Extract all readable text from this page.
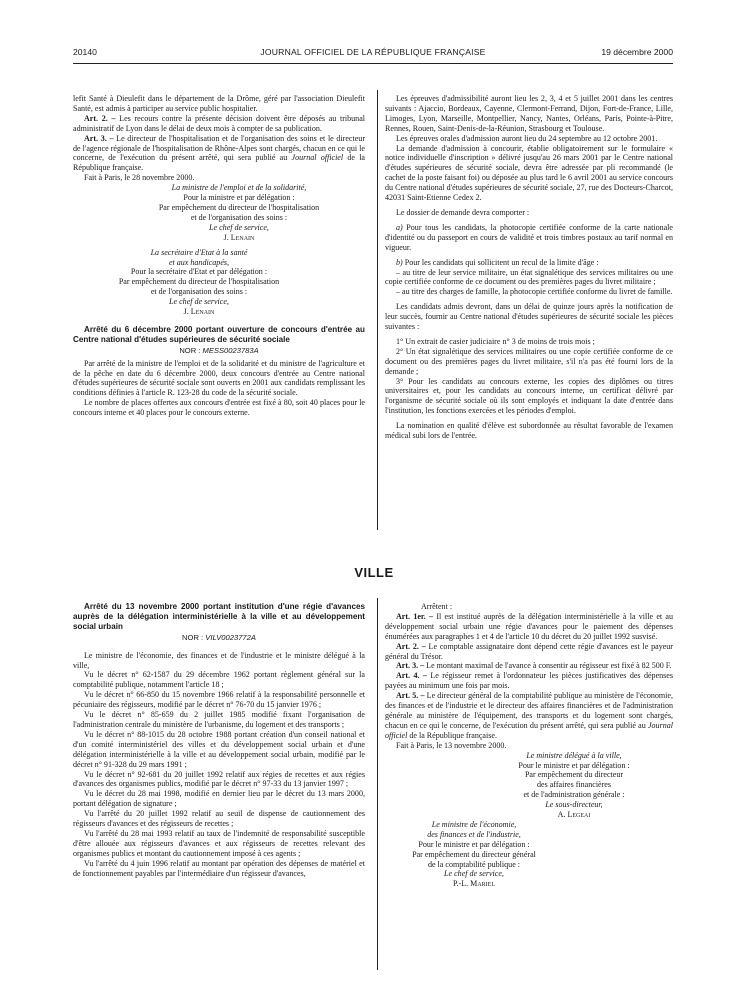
20140	JOURNAL OFFICIEL DE LA RÉPUBLIQUE FRANÇAISE	19 décembre 2000

lefit Santé à Dieulefit dans le département de la Drôme, géré par l'association Dieulefit Santé, est admis à participer au service public hospitalier.

Art. 2. – Les recours contre la présente décision doivent être déposés au tribunal administratif de Lyon dans le délai de deux mois à compter de sa publication.

Art. 3. – Le directeur de l'hospitalisation et de l'organisation des soins et le directeur de l'agence régionale de l'hospitalisation de Rhône-Alpes sont chargés, chacun en ce qui le concerne, de l'exécution du présent arrêté, qui sera publié au Journal officiel de la République française.

Fait à Paris, le 28 novembre 2000.

La ministre de l'emploi et de la solidarité,
Pour la ministre et par délégation :
Par empêchement du directeur de l'hospitalisation
et de l'organisation des soins :
Le chef de service,
J. Lenain
La secrétaire d'Etat à la santé
et aux handicapés,
Pour la secrétaire d'Etat et par délégation :
Par empêchement du directeur de l'hospitalisation
et de l'organisation des soins :
Le chef de service,
J. Lenain

Arrêté du 6 décembre 2000 portant ouverture de concours d'entrée au Centre national d'études supérieures de sécurité sociale

NOR : MESS0023783A

Par arrêté de la ministre de l'emploi et de la solidarité et du ministre de l'agriculture et de la pêche en date du 6 décembre 2000, deux concours d'entrée au Centre national d'études supérieures de sécurité sociale sont ouverts en 2001 aux candidats remplissant les conditions définies à l'article R. 123-28 du code de la sécurité sociale.

Le nombre de places offertes aux concours d'entrée est fixé à 80, soit 40 places pour le concours interne et 40 places pour le concours externe.

Les épreuves d'admissibilité auront lieu les 2, 3, 4 et 5 juillet 2001 dans les centres suivants : Ajaccio, Bordeaux, Cayenne, Clermont-Ferrand, Dijon, Fort-de-France, Lille, Limoges, Lyon, Marseille, Montpellier, Nancy, Nantes, Orléans, Paris, Pointe-à-Pitre, Rennes, Rouen, Saint-Denis-de-la-Réunion, Strasbourg et Toulouse.

Les épreuves orales d'admission auront lieu du 24 septembre au 12 octobre 2001.

La demande d'admission à concourir, établie obligatoirement sur le formulaire « notice individuelle d'inscription » délivré jusqu'au 26 mars 2001 par le Centre national d'études supérieures de sécurité sociale, devra être adressée par pli recommandé (le cachet de la poste faisant foi) ou déposée au plus tard le 6 avril 2001 au service concours du Centre national d'études supérieures de sécurité sociale, 27, rue des Docteurs-Charcot, 42031 Saint-Etienne Cedex 2.

Le dossier de demande devra comporter :

a) Pour tous les candidats, la photocopie certifiée conforme de la carte nationale d'identité ou du passeport en cours de validité et trois timbres postaux au tarif normal en vigueur.

b) Pour les candidats qui sollicitent un recul de la limite d'âge :

– au titre de leur service militaire, un état signalétique des services militaires ou une copie certifiée conforme de ce document ou des premières pages du livret militaire ;

– au titre des charges de famille, la photocopie certifiée conforme du livret de famille.

Les candidats admis devront, dans un délai de quinze jours après la notification de leur succès, fournir au Centre national d'études supérieures de sécurité sociale les pièces suivantes :

1° Un extrait de casier judiciaire n° 3 de moins de trois mois ;

2° Un état signalétique des services militaires ou une copie certifiée conforme de ce document ou des premières pages du livret militaire, s'il n'a pas été fourni lors de la demande ;

3° Pour les candidats au concours externe, les copies des diplômes ou titres universitaires et, pour les candidats au concours interne, un certificat délivré par l'organisme de sécurité sociale où ils sont employés et indiquant la date d'entrée dans l'institution, les fonctions exercées et les périodes d'emploi.

La nomination en qualité d'élève est subordonnée au résultat favorable de l'examen médical subi lors de l'entrée.

VILLE

Arrêté du 13 novembre 2000 portant institution d'une régie d'avances auprès de la délégation interministérielle à la ville et au développement social urbain

NOR : VILV0023772A

Le ministre de l'économie, des finances et de l'industrie et le ministre délégué à la ville,

Vu le décret n° 62-1587 du 29 décembre 1962 portant règlement général sur la comptabilité publique, notamment l'article 18 ;

Vu le décret n° 66-850 du 15 novembre 1966 relatif à la responsabilité personnelle et pécuniaire des régisseurs, modifié par le décret n° 76-70 du 15 janvier 1976 ;

Vu le décret n° 85-659 du 2 juillet 1985 modifié fixant l'organisation de l'administration centrale du ministère de l'urbanisme, du logement et des transports ;

Vu le décret n° 88-1015 du 28 octobre 1988 portant création d'un conseil national et d'un comité interministériel des villes et du développement social urbain et d'une délégation interministérielle à la ville et au développement social urbain, modifié par le décret n° 91-328 du 29 mars 1991 ;

Vu le décret n° 92-681 du 20 juillet 1992 relatif aux régies de recettes et aux régies d'avances des organismes publics, modifié par le décret n° 97-33 du 13 janvier 1997 ;

Vu le décret du 28 mai 1998, modifié en dernier lieu par le décret du 13 mars 2000, portant délégation de signature ;

Vu l'arrêté du 20 juillet 1992 relatif au seuil de dispense de cautionnement des régisseurs d'avances et des régisseurs de recettes ;

Vu l'arrêté du 28 mai 1993 relatif au taux de l'indemnité de responsabilité susceptible d'être allouée aux régisseurs d'avances et aux régisseurs de recettes relevant des organismes publics et montant du cautionnement imposé à ces agents ;

Vu l'arrêté du 4 juin 1996 relatif au montant par opération des dépenses de matériel et de fonctionnement payables par l'intermédiaire d'un régisseur d'avances,

Arrêtent :

Art. 1er. – Il est institué auprès de la délégation interministérielle à la ville et au développement social urbain une régie d'avances pour le paiement des dépenses énumérées aux paragraphes 1 et 4 de l'article 10 du décret du 20 juillet 1992 susvisé.

Art. 2. – Le comptable assignataire dont dépend cette régie d'avances est le payeur général du Trésor.

Art. 3. – Le montant maximal de l'avance à consentir au régisseur est fixé à 82 500 F.

Art. 4. – Le régisseur remet à l'ordonnateur les pièces justificatives des dépenses payées au minimum une fois par mois.

Art. 5. – Le directeur général de la comptabilité publique au ministère de l'économie, des finances et de l'industrie et le directeur des affaires financières et de l'administration générale au ministère de l'équipement, des transports et du logement sont chargés, chacun en ce qui le concerne, de l'exécution du présent arrêté, qui sera publié au Journal officiel de la République française.

Fait à Paris, le 13 novembre 2000.

Le ministre délégué à la ville,
Pour le ministre et par délégation :
Par empêchement du directeur
des affaires financières
et de l'administration générale :
Le sous-directeur,
A. Legeai
Le ministre de l'économie,
des finances et de l'industrie,
Pour le ministre et par délégation :
Par empêchement du directeur général
de la comptabilité publique :
Le chef de service,
P.-L. Mariel
